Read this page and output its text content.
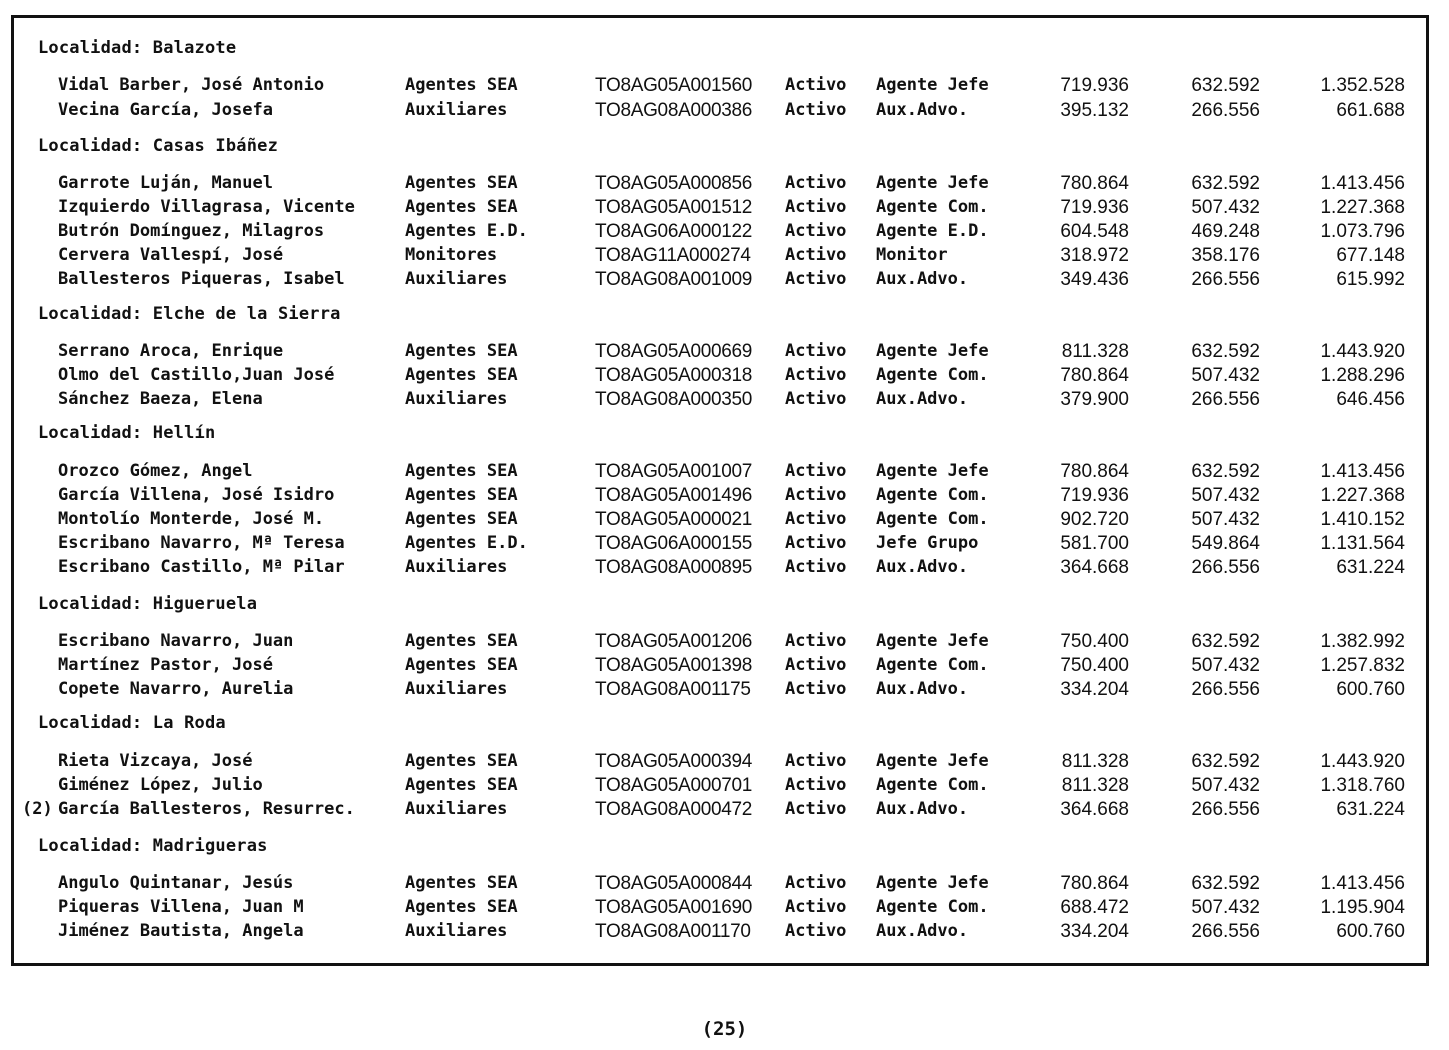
Localidad: Balazote
Vidal Barber, José Antonio	Agentes SEA	TO8AG05A001560 Activo Agente Jefe	719.936	632.592	1.352.528
Vecina García, Josefa	Auxiliares	TO8AG08A000386 Activo Aux.Advo.	395.132	266.556	661.688
Localidad: Casas Ibáñez
Garrote Luján, Manuel	Agentes SEA	TO8AG05A000856 Activo Agente Jefe	780.864	632.592	1.413.456
Izquierdo Villagrasa, Vicente	Agentes SEA	TO8AG05A001512 Activo Agente Com.	719.936	507.432	1.227.368
Butrón Domínguez, Milagros	Agentes E.D.	TO8AG06A000122 Activo Agente E.D.	604.548	469.248	1.073.796
Cervera Vallespí, José	Monitores	TO8AG11A000274 Activo Monitor	318.972	358.176	677.148
Ballesteros Piqueras, Isabel	Auxiliares	TO8AG08A001009 Activo Aux.Advo.	349.436	266.556	615.992
Localidad: Elche de la Sierra
Serrano Aroca, Enrique	Agentes SEA	TO8AG05A000669 Activo Agente Jefe	811.328	632.592	1.443.920
Olmo del Castillo,Juan José	Agentes SEA	TO8AG05A000318 Activo Agente Com.	780.864	507.432	1.288.296
Sánchez Baeza, Elena	Auxiliares	TO8AG08A000350 Activo Aux.Advo.	379.900	266.556	646.456
Localidad: Hellín
Orozco Gómez, Angel	Agentes SEA	TO8AG05A001007 Activo Agente Jefe	780.864	632.592	1.413.456
García Villena, José Isidro	Agentes SEA	TO8AG05A001496 Activo Agente Com.	719.936	507.432	1.227.368
Montolío Monterde, José M.	Agentes SEA	TO8AG05A000021 Activo Agente Com.	902.720	507.432	1.410.152
Escribano Navarro, Mª Teresa	Agentes E.D.	TO8AG06A000155 Activo Jefe Grupo	581.700	549.864	1.131.564
Escribano Castillo, Mª Pilar	Auxiliares	TO8AG08A000895 Activo Aux.Advo.	364.668	266.556	631.224
Localidad: Higueruela
Escribano Navarro, Juan	Agentes SEA	TO8AG05A001206 Activo Agente Jefe	750.400	632.592	1.382.992
Martínez Pastor, José	Agentes SEA	TO8AG05A001398 Activo Agente Com.	750.400	507.432	1.257.832
Copete Navarro, Aurelia	Auxiliares	TO8AG08A001175 Activo Aux.Advo.	334.204	266.556	600.760
Localidad: La Roda
Rieta Vizcaya, José	Agentes SEA	TO8AG05A000394 Activo Agente Jefe	811.328	632.592	1.443.920
Giménez López, Julio	Agentes SEA	TO8AG05A000701 Activo Agente Com.	811.328	507.432	1.318.760
(2) García Ballesteros, Resurrec.	Auxiliares	TO8AG08A000472 Activo Aux.Advo.	364.668	266.556	631.224
Localidad: Madrigueras
Angulo Quintanar, Jesús	Agentes SEA	TO8AG05A000844 Activo Agente Jefe	780.864	632.592	1.413.456
Piqueras Villena, Juan M	Agentes SEA	TO8AG05A001690 Activo Agente Com.	688.472	507.432	1.195.904
Jiménez Bautista, Angela	Auxiliares	TO8AG08A001170 Activo Aux.Advo.	334.204	266.556	600.760
(25)
